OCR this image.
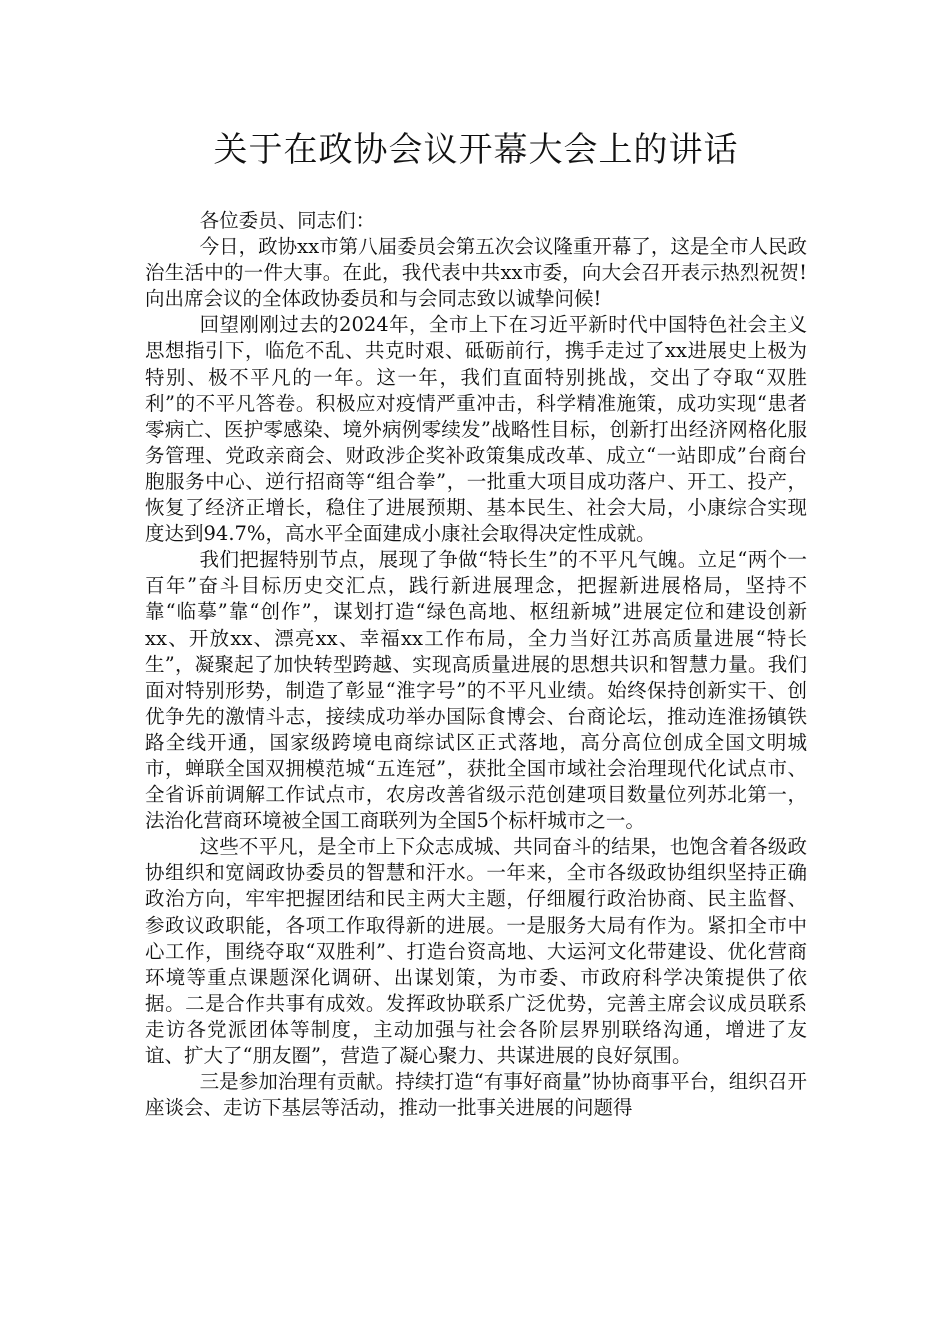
关于在政协会议开幕大会上的讲话

各位委员、同志们：

今日，政协xx市第八届委员会第五次会议隆重开幕了，这是全市人民政治生活中的一件大事。在此，我代表中共xx市委，向大会召开表示热烈祝贺!向出席会议的全体政协委员和与会同志致以诚挚问候!

回望刚刚过去的2024年，全市上下在习近平新时代中国特色社会主义思想指引下，临危不乱、共克时艰、砥砺前行，携手走过了xx进展史上极为特别、极不平凡的一年。这一年，我们直面特别挑战，交出了夺取“双胜利”的不平凡答卷。积极应对疫情严重冲击，科学精准施策，成功实现“患者零病亡、医护零感染、境外病例零续发”战略性目标，创新打出经济网格化服务管理、党政亲商会、财政涉企奖补政策集成改革、成立“一站即成”台商台胞服务中心、逆行招商等“组合拳”，一批重大项目成功落户、开工、投产，恢复了经济正增长，稳住了进展预期、基本民生、社会大局，小康综合实现度达到94.7%，高水平全面建成小康社会取得决定性成就。

我们把握特别节点，展现了争做“特长生”的不平凡气魄。立足“两个一百年”奋斗目标历史交汇点，践行新进展理念，把握新进展格局，坚持不靠“临摹”靠“创作”，谋划打造“绿色高地、枢纽新城”进展定位和建设创新xx、开放xx、漂亮xx、幸福xx工作布局，全力当好江苏高质量进展“特长生”，凝聚起了加快转型跨越、实现高质量进展的思想共识和智慧力量。我们面对特别形势，制造了彰显“淮字号”的不平凡业绩。始终保持创新实干、创优争先的激情斗志，接续成功举办国际食博会、台商论坛，推动连淮扬镇铁路全线开通，国家级跨境电商综试区正式落地，高分高位创成全国文明城市，蝉联全国双拥模范城“五连冠”，获批全国市域社会治理现代化试点市、全省诉前调解工作试点市，农房改善省级示范创建项目数量位列苏北第一，法治化营商环境被全国工商联列为全国5个标杆城市之一。

这些不平凡，是全市上下众志成城、共同奋斗的结果，也饱含着各级政协组织和宽阔政协委员的智慧和汗水。一年来，全市各级政协组织坚持正确政治方向，牢牢把握团结和民主两大主题，仔细履行政治协商、民主监督、参政议政职能，各项工作取得新的进展。一是服务大局有作为。紧扣全市中心工作，围绕夺取“双胜利”、打造台资高地、大运河文化带建设、优化营商环境等重点课题深化调研、出谋划策，为市委、市政府科学决策提供了依据。二是合作共事有成效。发挥政协联系广泛优势，完善主席会议成员联系走访各党派团体等制度，主动加强与社会各阶层界别联络沟通，增进了友谊、扩大了“朋友圈”，营造了凝心聚力、共谋进展的良好氛围。

三是参加治理有贡献。持续打造“有事好商量”协协商事平台，组织召开座谈会、走访下基层等活动，推动一批事关进展的问题得
